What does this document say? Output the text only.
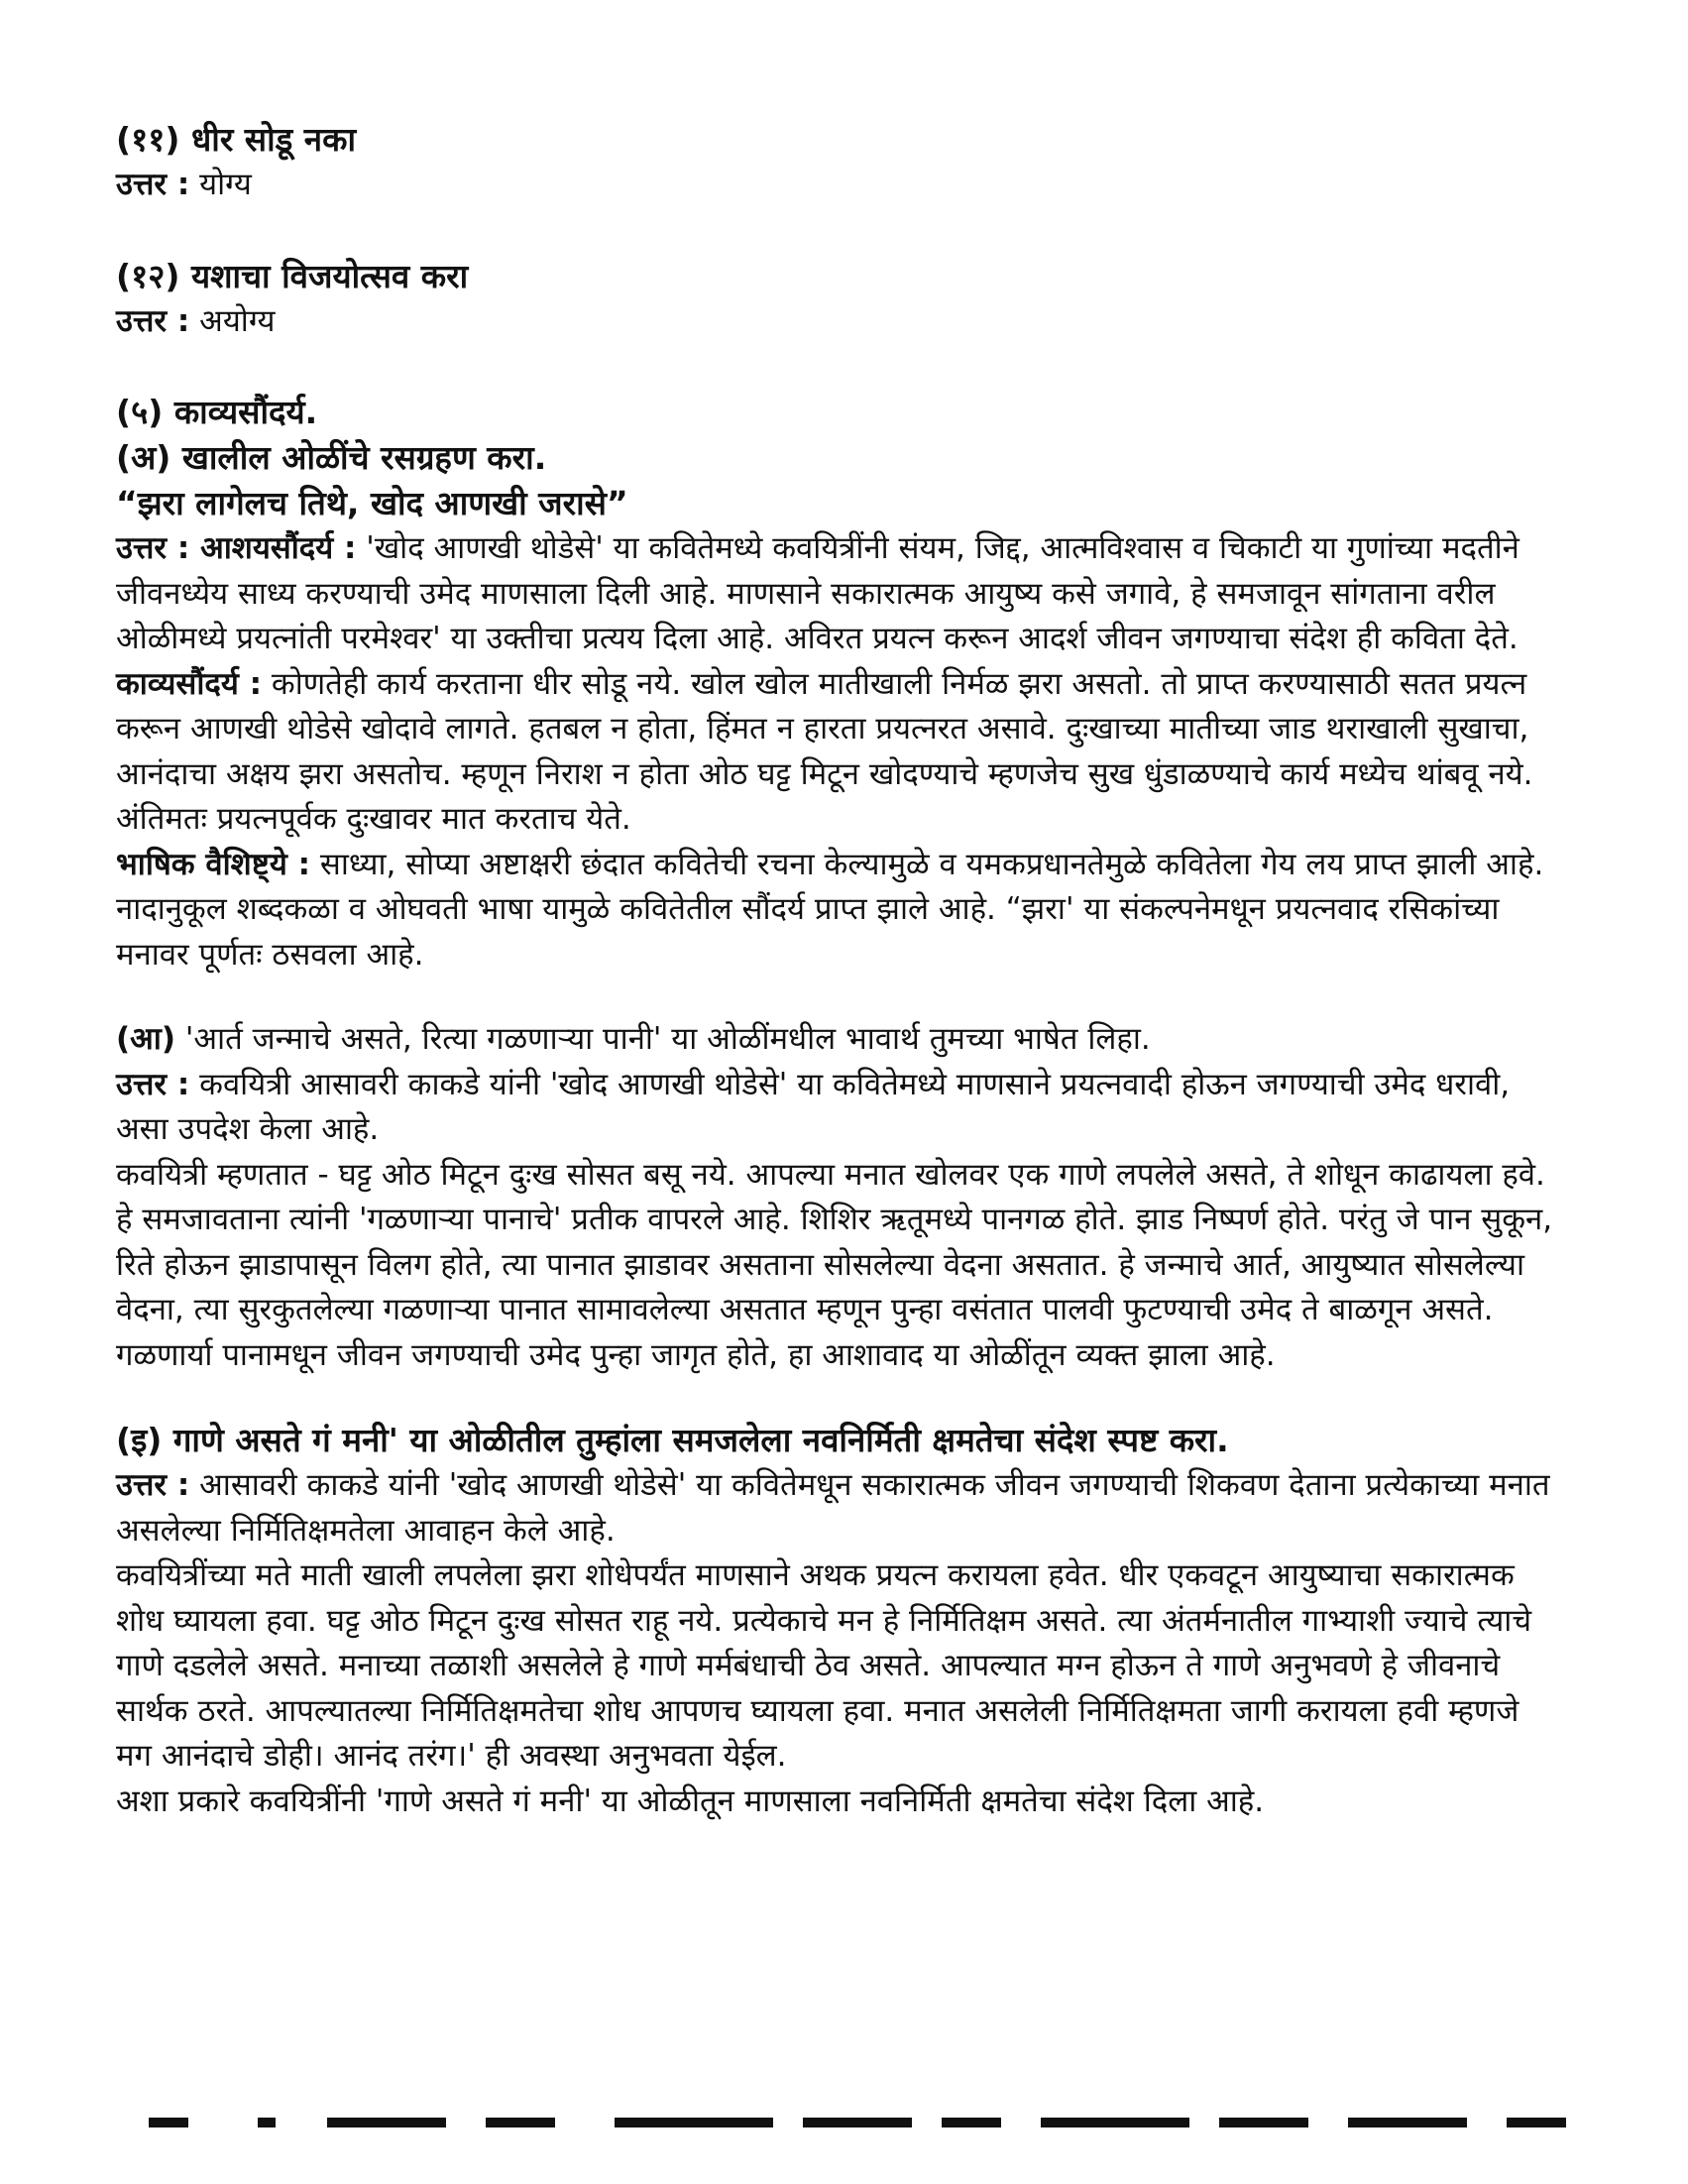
(११) धीर सोडू नका

उत्तर : योग्य

(१२) यशाचा विजयोत्सव करा

उत्तर : अयोग्य

(५) काव्यसौंदर्य.

(अ) खालील ओळींचे रसग्रहण करा.

“झरा लागेलच तिथे, खोद आणखी जरासे”

उत्तर : आशयसौंदर्य : 'खोद आणखी थोडेसे' या कवितेमध्ये कवयित्रींनी संयम, जिद्द, आत्मविश्वास व चिकाटी या गुणांच्या मदतीने जीवनध्येय साध्य करण्याची उमेद माणसाला दिली आहे. माणसाने सकारात्मक आयुष्य कसे जगावे, हे समजावून सांगताना वरील ओळीमध्ये प्रयत्नांती परमेश्वर' या उक्तीचा प्रत्यय दिला आहे. अविरत प्रयत्न करून आदर्श जीवन जगण्याचा संदेश ही कविता देते.

काव्यसौंदर्य : कोणतेही कार्य करताना धीर सोडू नये. खोल खोल मातीखाली निर्मळ झरा असतो. तो प्राप्त करण्यासाठी सतत प्रयत्न करून आणखी थोडेसे खोदावे लागते. हतबल न होता, हिंमत न हारता प्रयत्नरत असावे. दुःखाच्या मातीच्या जाड थराखाली सुखाचा, आनंदाचा अक्षय झरा असतोच. म्हणून निराश न होता ओठ घट्ट मिटून खोदण्याचे म्हणजेच सुख धुंडाळण्याचे कार्य मध्येच थांबवू नये. अंतिमतः प्रयत्नपूर्वक दुःखावर मात करताच येते.

भाषिक वैशिष्ट्ये : साध्या, सोप्या अष्टाक्षरी छंदात कवितेची रचना केल्यामुळे व यमकप्रधानतेमुळे कवितेला गेय लय प्राप्त झाली आहे. नादानुकूल शब्दकळा व ओघवती भाषा यामुळे कवितेतील सौंदर्य प्राप्त झाले आहे. “झरा' या संकल्पनेमधून प्रयत्नवाद रसिकांच्या मनावर पूर्णतः ठसवला आहे.

(आ) 'आर्त जन्माचे असते, रित्या गळणाऱ्या पानी' या ओळींमधील भावार्थ तुमच्या भाषेत लिहा.

उत्तर : कवयित्री आसावरी काकडे यांनी 'खोद आणखी थोडेसे' या कवितेमध्ये माणसाने प्रयत्नवादी होऊन जगण्याची उमेद धरावी, असा उपदेश केला आहे.

कवयित्री म्हणतात - घट्ट ओठ मिटून दुःख सोसत बसू नये. आपल्या मनात खोलवर एक गाणे लपलेले असते, ते शोधून काढायला हवे. हे समजावताना त्यांनी 'गळणाऱ्या पानाचे' प्रतीक वापरले आहे. शिशिर ऋतूमध्ये पानगळ होते. झाड निष्पर्ण होते. परंतु जे पान सुकून, रिते होऊन झाडापासून विलग होते, त्या पानात झाडावर असताना सोसलेल्या वेदना असतात. हे जन्माचे आर्त, आयुष्यात सोसलेल्या वेदना, त्या सुरकुतलेल्या गळणाऱ्या पानात सामावलेल्या असतात म्हणून पुन्हा वसंतात पालवी फुटण्याची उमेद ते बाळगून असते. गळणार्या पानामधून जीवन जगण्याची उमेद पुन्हा जागृत होते, हा आशावाद या ओळींतून व्यक्त झाला आहे.

(इ) गाणे असते गं मनी' या ओळीतील तुम्हांला समजलेला नवनिर्मिती क्षमतेचा संदेश स्पष्ट करा.

उत्तर : आसावरी काकडे यांनी 'खोद आणखी थोडेसे' या कवितेमधून सकारात्मक जीवन जगण्याची शिकवण देताना प्रत्येकाच्या मनात असलेल्या निर्मितिक्षमतेला आवाहन केले आहे.

कवयित्रींच्या मते माती खाली लपलेला झरा शोधेपर्यंत माणसाने अथक प्रयत्न करायला हवेत. धीर एकवटून आयुष्याचा सकारात्मक शोध घ्यायला हवा. घट्ट ओठ मिटून दुःख सोसत राहू नये. प्रत्येकाचे मन हे निर्मितिक्षम असते. त्या अंतर्मनातील गाभ्याशी ज्याचे त्याचे गाणे दडलेले असते. मनाच्या तळाशी असलेले हे गाणे मर्मबंधाची ठेव असते. आपल्यात मग्न होऊन ते गाणे अनुभवणे हे जीवनाचे सार्थक ठरते. आपल्यातल्या निर्मितिक्षमतेचा शोध आपणच घ्यायला हवा. मनात असलेली निर्मितिक्षमता जागी करायला हवी म्हणजे मग आनंदाचे डोही। आनंद तरंग।' ही अवस्था अनुभवता येईल.

अशा प्रकारे कवयित्रींनी 'गाणे असते गं मनी' या ओळीतून माणसाला नवनिर्मिती क्षमतेचा संदेश दिला आहे.
